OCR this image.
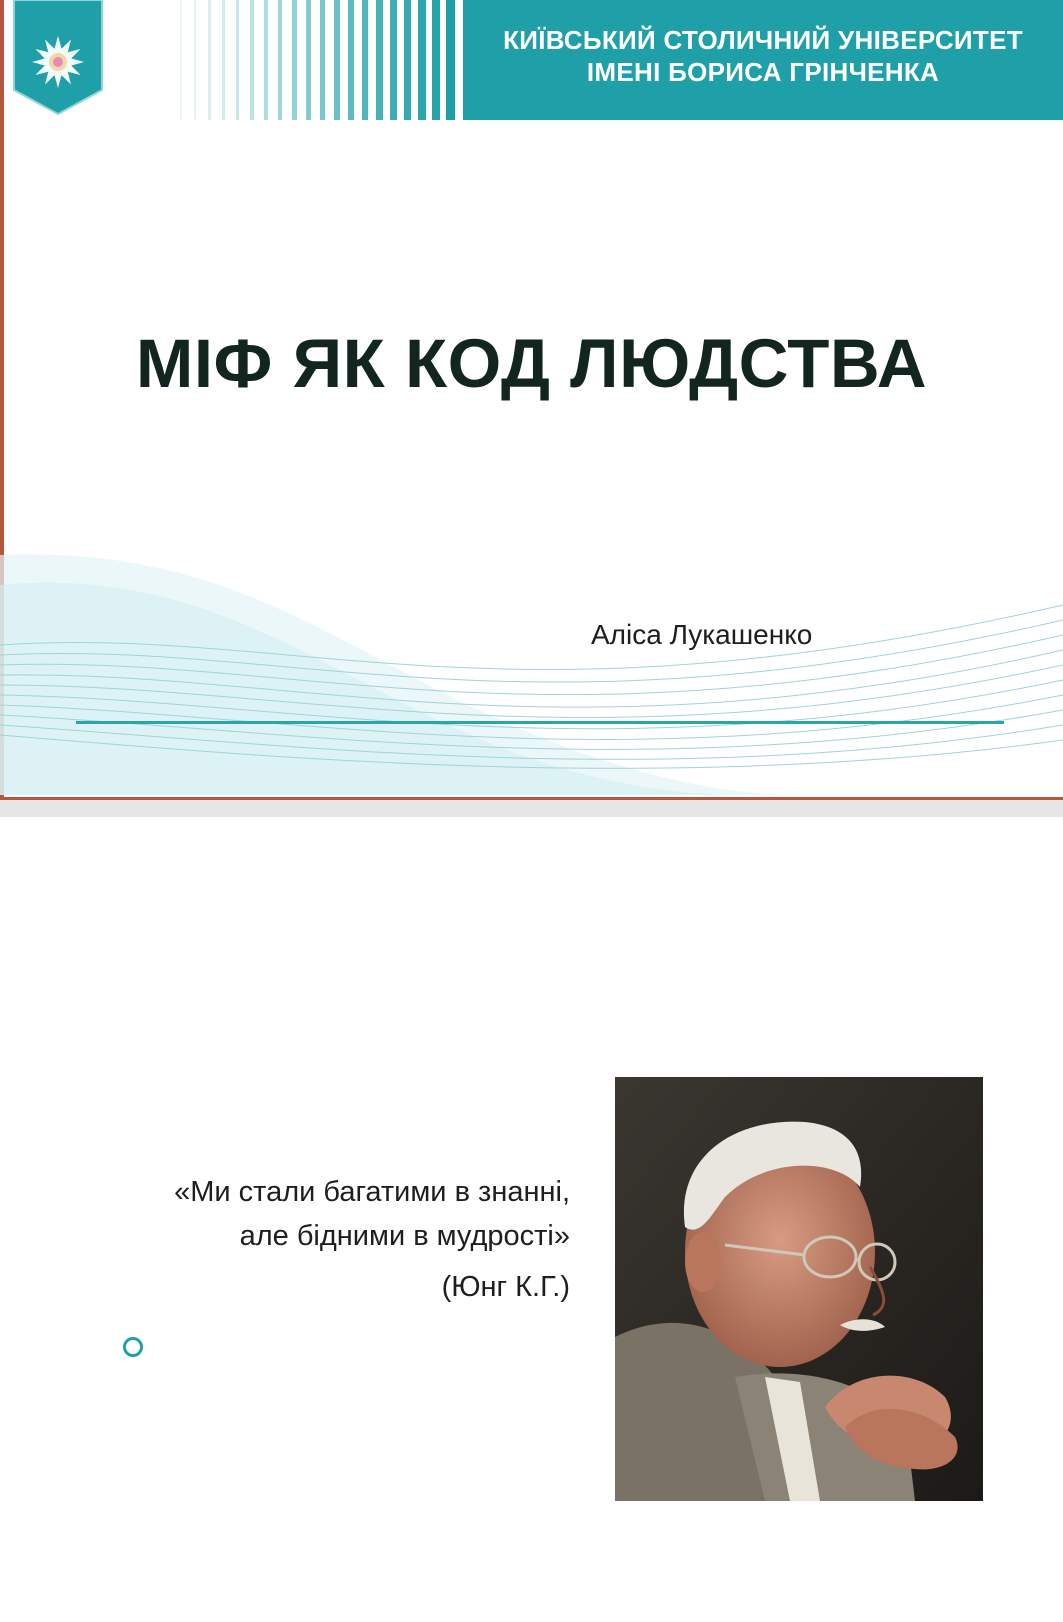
КИЇВСЬКИЙ СТОЛИЧНИЙ УНІВЕРСИТЕТ
ІМЕНІ БОРИСА ГРІНЧЕНКА
МІФ ЯК КОД ЛЮДСТВА
Аліса Лукашенко
«Ми стали багатими в знанні,
але бідними в мудрості»
(Юнг К.Г.)
